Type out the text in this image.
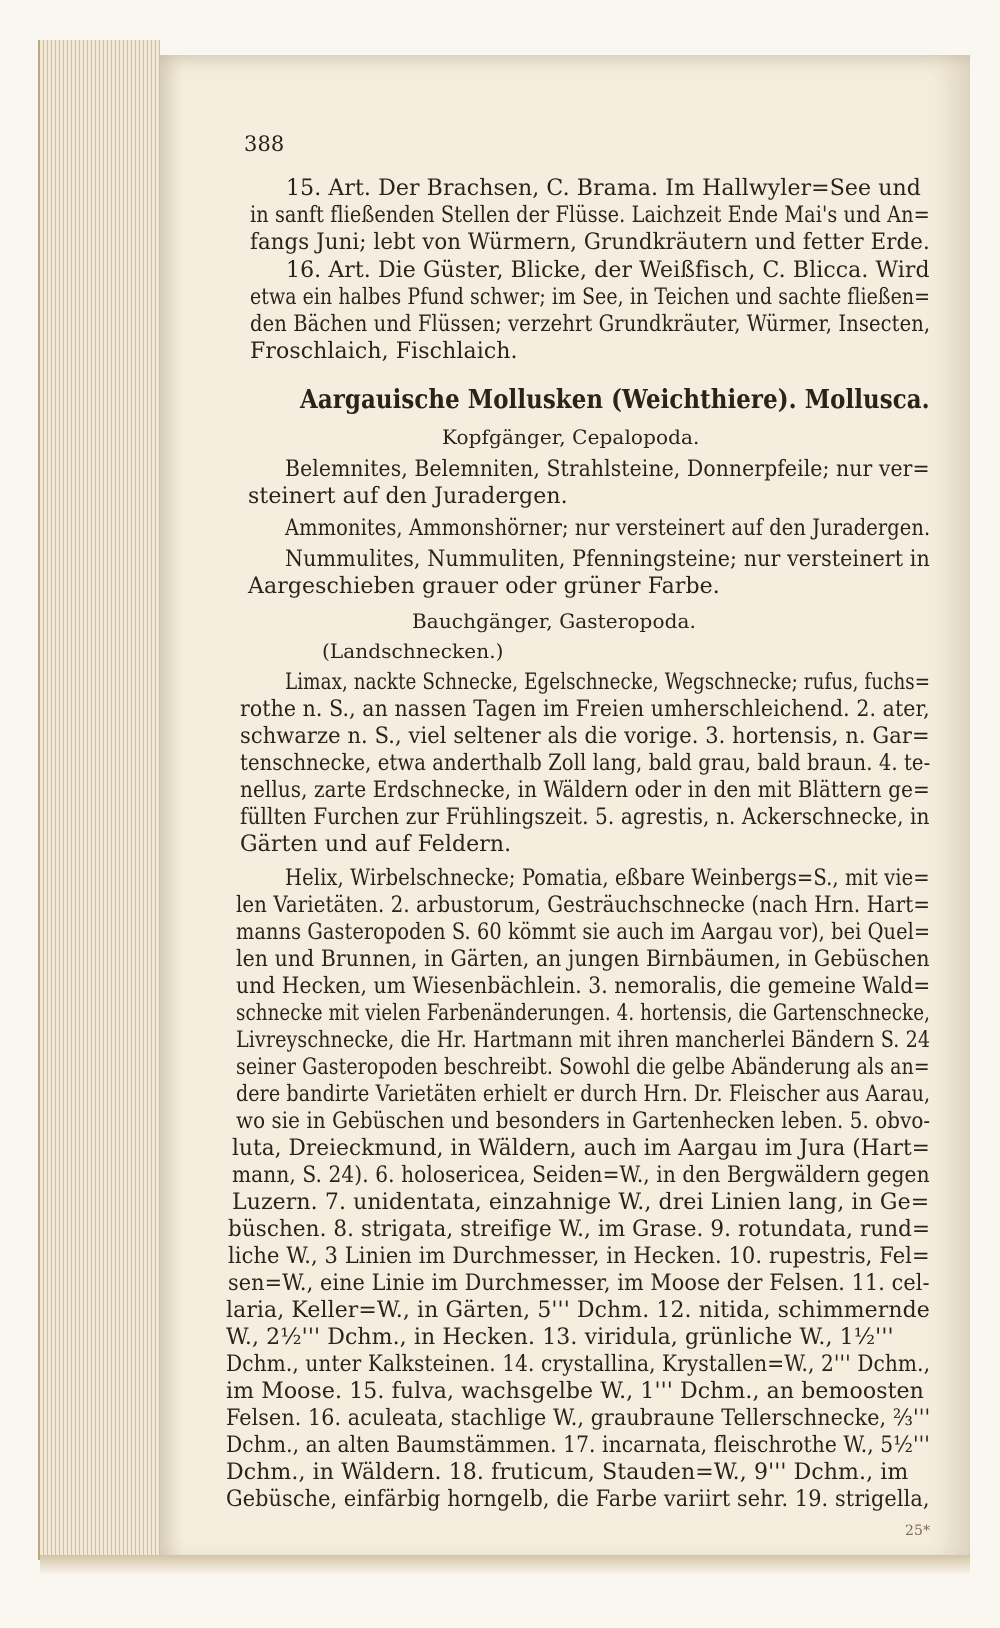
388
15. Art. Der Brachsen, C. Brama. Im Hallwyler=See und
in sanft fließenden Stellen der Flüsse. Laichzeit Ende Mai's und An=
fangs Juni; lebt von Würmern, Grundkräutern und fetter Erde.
16. Art. Die Güster, Blicke, der Weißfisch, C. Blicca. Wird
etwa ein halbes Pfund schwer; im See, in Teichen und sachte fließen=
den Bächen und Flüssen; verzehrt Grundkräuter, Würmer, Insecten,
Froschlaich, Fischlaich.
Aargauische Mollusken (Weichthiere). Mollusca.
Kopfgänger, Cepalopoda.
Belemnites, Belemniten, Strahlsteine, Donnerpfeile; nur ver=
steinert auf den Juradergen.
Ammonites, Ammonshörner; nur versteinert auf den Juradergen.
Nummulites, Nummuliten, Pfenningsteine; nur versteinert in
Aargeschieben grauer oder grüner Farbe.
Bauchgänger, Gasteropoda.
(Landschnecken.)
Limax, nackte Schnecke, Egelschnecke, Wegschnecke; rufus, fuchs=
rothe n. S., an nassen Tagen im Freien umherschleichend. 2. ater,
schwarze n. S., viel seltener als die vorige. 3. hortensis, n. Gar=
tenschnecke, etwa anderthalb Zoll lang, bald grau, bald braun. 4. te-
nellus, zarte Erdschnecke, in Wäldern oder in den mit Blättern ge=
füllten Furchen zur Frühlingszeit. 5. agrestis, n. Ackerschnecke, in
Gärten und auf Feldern.
Helix, Wirbelschnecke; Pomatia, eßbare Weinbergs=S., mit vie=
len Varietäten. 2. arbustorum, Gesträuchschnecke (nach Hrn. Hart=
manns Gasteropoden S. 60 kömmt sie auch im Aargau vor), bei Quel=
len und Brunnen, in Gärten, an jungen Birnbäumen, in Gebüschen
und Hecken, um Wiesenbächlein. 3. nemoralis, die gemeine Wald=
schnecke mit vielen Farbenänderungen. 4. hortensis, die Gartenschnecke,
Livreyschnecke, die Hr. Hartmann mit ihren mancherlei Bändern S. 24
seiner Gasteropoden beschreibt. Sowohl die gelbe Abänderung als an=
dere bandirte Varietäten erhielt er durch Hrn. Dr. Fleischer aus Aarau,
wo sie in Gebüschen und besonders in Gartenhecken leben. 5. obvo-
luta, Dreieckmund, in Wäldern, auch im Aargau im Jura (Hart=
mann, S. 24). 6. holosericea, Seiden=W., in den Bergwäldern gegen
Luzern. 7. unidentata, einzahnige W., drei Linien lang, in Ge=
büschen. 8. strigata, streifige W., im Grase. 9. rotundata, rund=
liche W., 3 Linien im Durchmesser, in Hecken. 10. rupestris, Fel=
sen=W., eine Linie im Durchmesser, im Moose der Felsen. 11. cel-
laria, Keller=W., in Gärten, 5''' Dchm. 12. nitida, schimmernde
W., 2½''' Dchm., in Hecken. 13. viridula, grünliche W., 1½'''
Dchm., unter Kalksteinen. 14. crystallina, Krystallen=W., 2''' Dchm.,
im Moose. 15. fulva, wachsgelbe W., 1''' Dchm., an bemoosten
Felsen. 16. aculeata, stachlige W., graubraune Tellerschnecke, ⅔'''
Dchm., an alten Baumstämmen. 17. incarnata, fleischrothe W., 5½'''
Dchm., in Wäldern. 18. fruticum, Stauden=W., 9''' Dchm., im
Gebüsche, einfärbig horngelb, die Farbe variirt sehr. 19. strigella,
25*
